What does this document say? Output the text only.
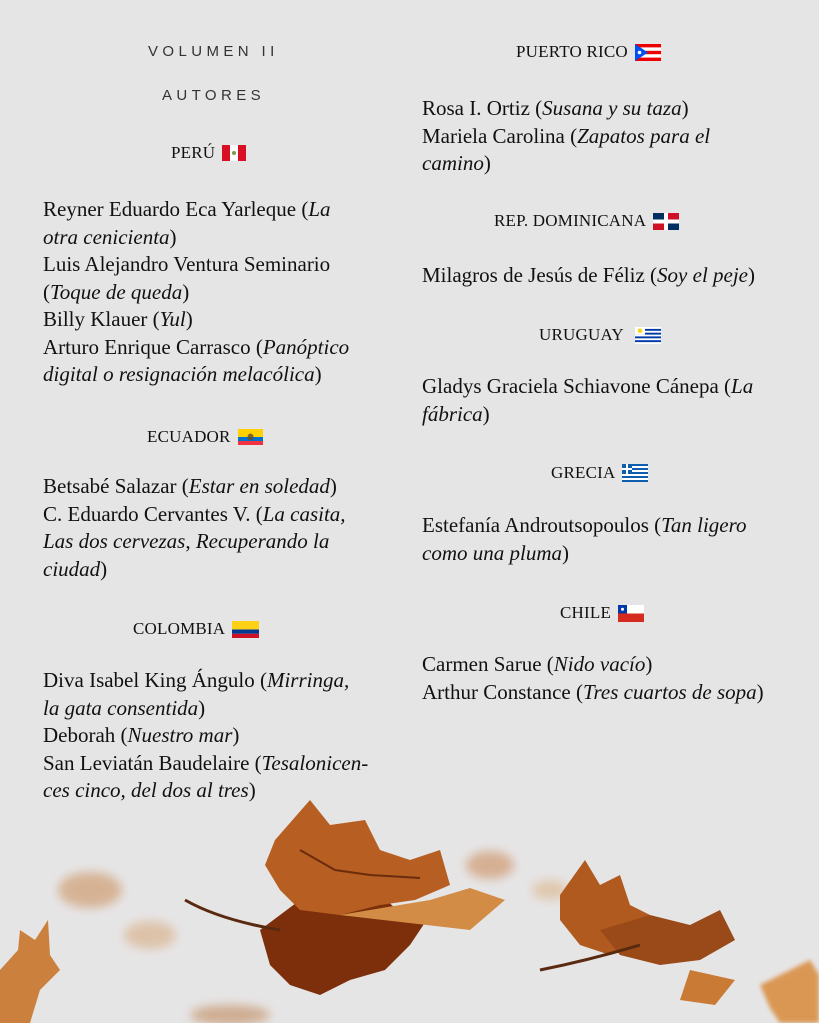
VOLUMEN II
AUTORES
PERÚ
Reyner Eduardo Eca Yarleque (La
otra cenicienta)
Luis Alejandro Ventura Seminario
(Toque de queda)
Billy Klauer (Yul)
Arturo Enrique Carrasco (Panóptico
digital o resignación melacólica)
ECUADOR
Betsabé Salazar (Estar en soledad)
C. Eduardo Cervantes V. (La casita,
Las dos cervezas, Recuperando la
ciudad)
COLOMBIA
Diva Isabel King Ángulo (Mirringa,
la gata consentida)
Deborah (Nuestro mar)
San Leviatán Baudelaire (Tesalonicen-
ces cinco, del dos al tres)
PUERTO RICO
Rosa I. Ortiz (Susana y su taza)
Mariela Carolina (Zapatos para el
camino)
REP. DOMINICANA
Milagros de Jesús de Féliz (Soy el peje)
URUGUAY
Gladys Graciela Schiavone Cánepa (La
fábrica)
GRECIA
Estefanía Androutsopoulos (Tan ligero
como una pluma)
CHILE
Carmen Sarue (Nido vacío)
Arthur Constance (Tres cuartos de sopa)
